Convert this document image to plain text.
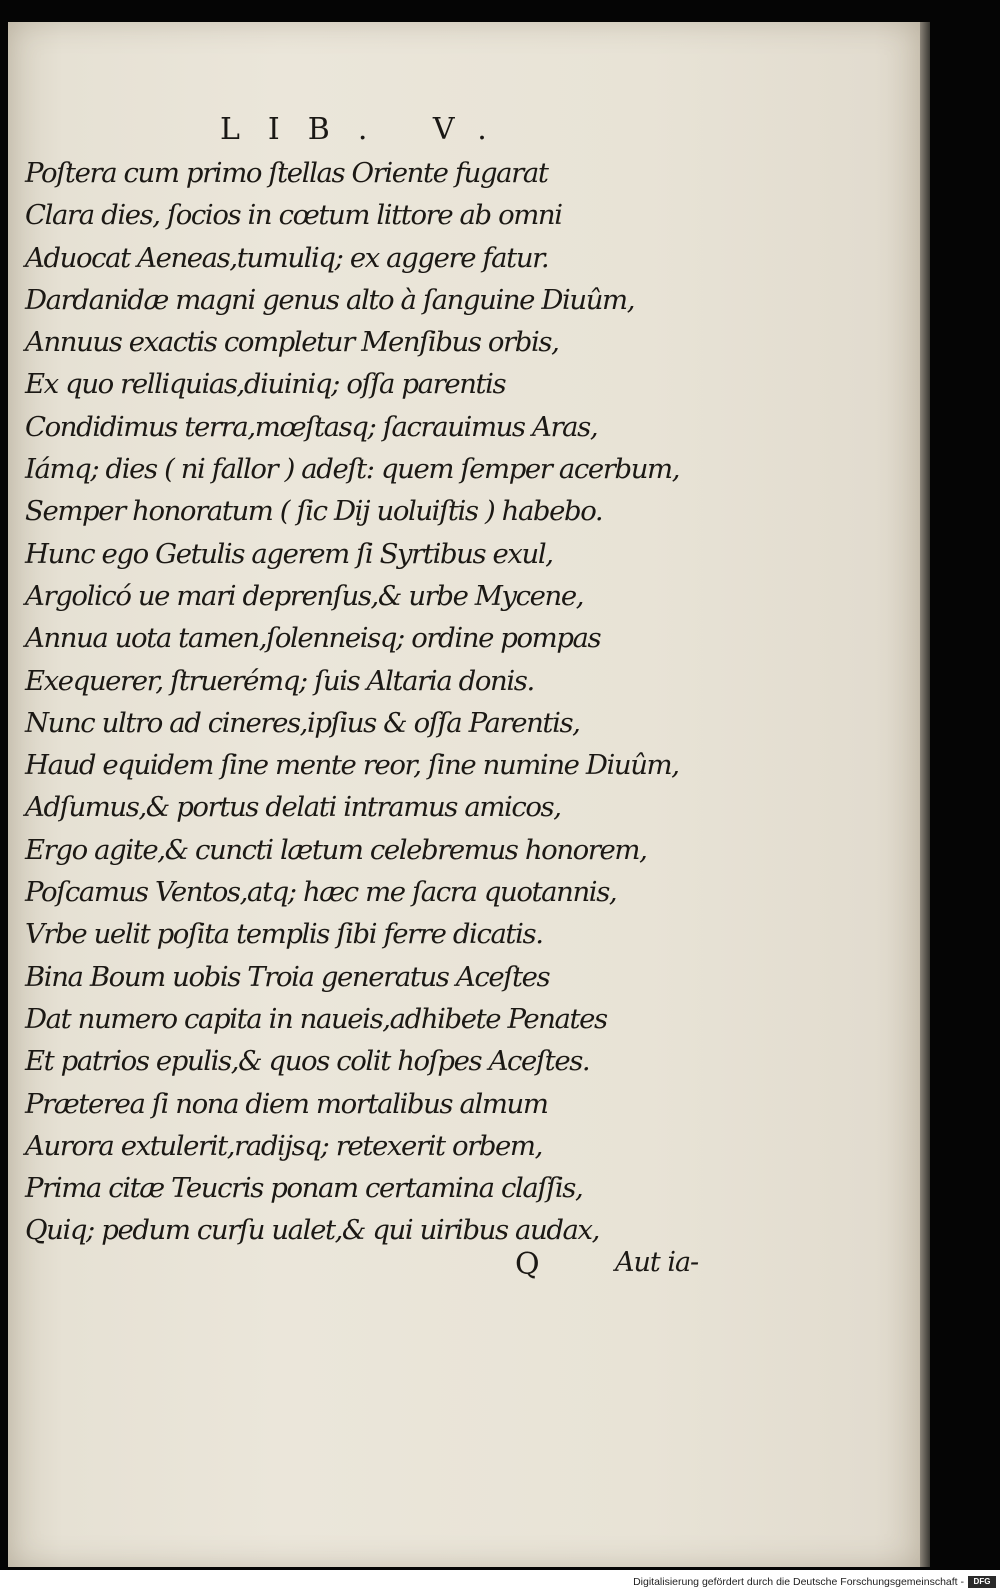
LIB. V.
Poſtera cum primo ſtellas Oriente fugarat
Clara dies, ſocios in cœtum littore ab omni
Aduocat Aeneas,tumuliq; ex aggere fatur.
Dardanidæ magni genus alto à ſanguine Diuûm,
Annuus exactis completur Menſibus orbis,
Ex quo relliquias,diuiniq; oſſa parentis
Condidimus terra,mœſtasq; ſacrauimus Aras,
Iámq; dies ( ni fallor ) adeſt: quem ſemper acerbum,
Semper honoratum ( ſic Dij uoluiſtis ) habebo.
Hunc ego Getulis agerem ſi Syrtibus exul,
Argolicó ue mari deprenſus,& urbe Mycene,
Annua uota tamen,ſolenneisq; ordine pompas
Exequerer, ſtruerémq; ſuis Altaria donis.
Nunc ultro ad cineres,ipſius & oſſa Parentis,
Haud equidem ſine mente reor, ſine numine Diuûm,
Adſumus,& portus delati intramus amicos,
Ergo agite,& cuncti lætum celebremus honorem,
Poſcamus Ventos,atq; hæc me ſacra quotannis,
Vrbe uelit poſita templis ſibi ferre dicatis.
Bina Boum uobis Troia generatus Aceſtes
Dat numero capita in naueis,adhibete Penates
Et patrios epulis,& quos colit hoſpes Aceſtes.
Præterea ſi nona diem mortalibus almum
Aurora extulerit,radijsq; retexerit orbem,
Prima citæ Teucris ponam certamina claſſis,
Quiq; pedum curſu ualet,& qui uiribus audax,
Q	Aut ia-
Digitalisierung gefördert durch die Deutsche Forschungsgemeinschaft -	DFG
